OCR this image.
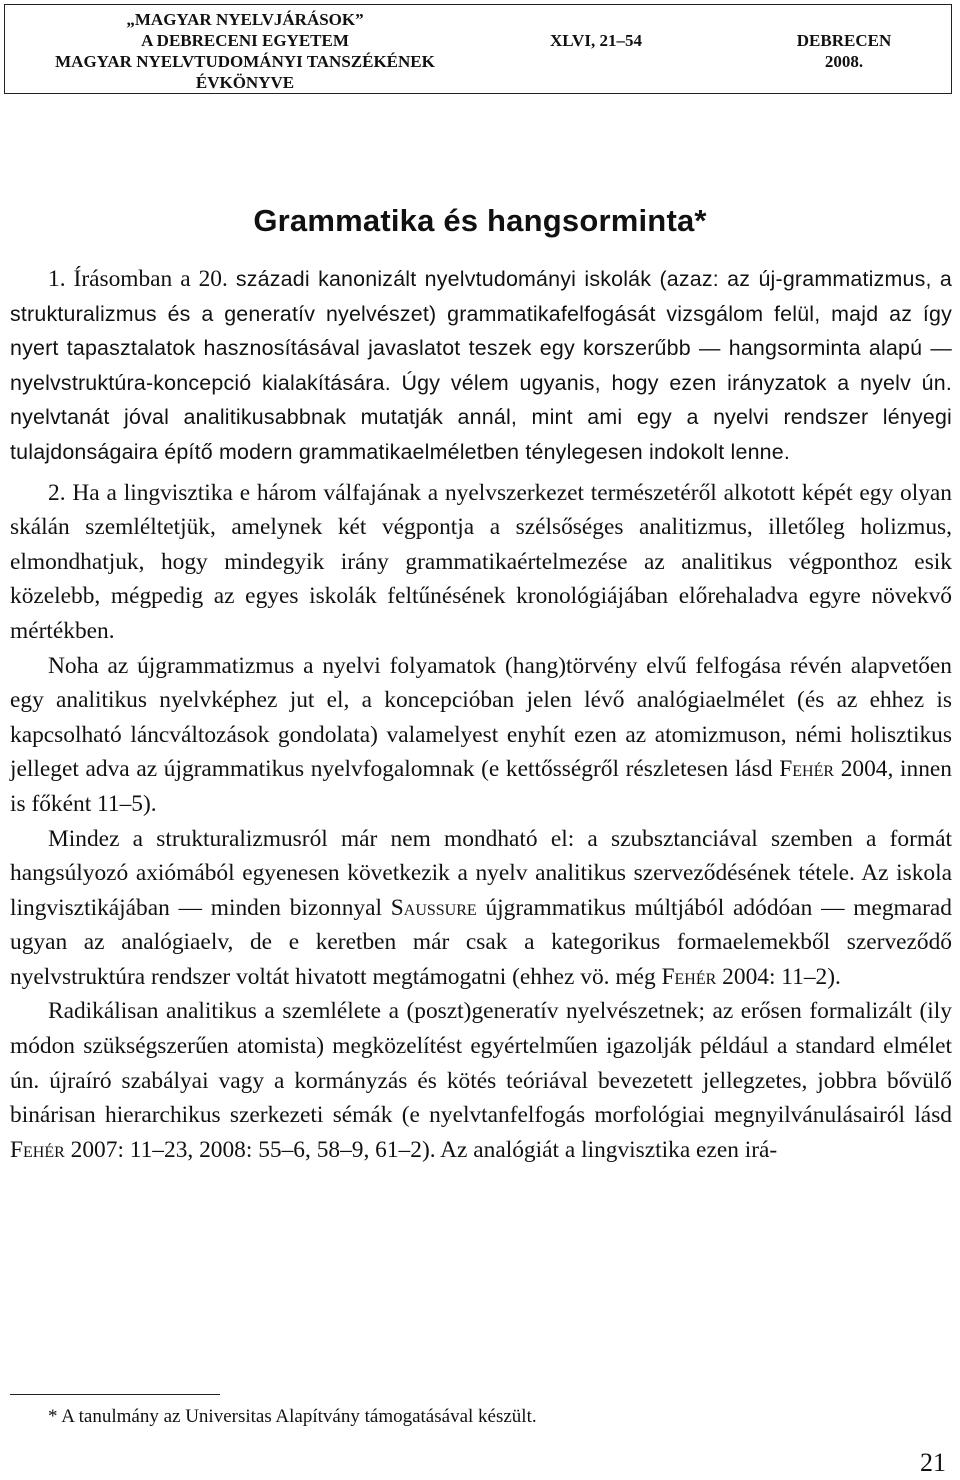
„MAGYAR NYELVJÁRÁSOK”
A DEBRECENI EGYETEM
MAGYAR NYELVTUDOMÁNYI TANSZÉKÉNEK
ÉVKÖNYVE
XLVI, 21–54	DEBRECEN
2008.
Grammatika és hangsorminta*

1. Írásomban a 20. századi kanonizált nyelvtudományi iskolák (azaz: az új-grammatizmus, a strukturalizmus és a generatív nyelvészet) grammatikafelfogását vizsgálom felül, majd az így nyert tapasztalatok hasznosításával javaslatot teszek egy korszerűbb — hangsorminta alapú — nyelvstruktúra-koncepció kialakítására. Úgy vélem ugyanis, hogy ezen irányzatok a nyelv ún. nyelvtanát jóval analitikusabbnak mutatják annál, mint ami egy a nyelvi rendszer lényegi tulajdonságaira építő modern grammatikaelméletben ténylegesen indokolt lenne.

2. Ha a lingvisztika e három válfajának a nyelvszerkezet természetéről alkotott képét egy olyan skálán szemléltetjük, amelynek két végpontja a szélsőséges analitizmus, illetőleg holizmus, elmondhatjuk, hogy mindegyik irány grammatikaértelmezése az analitikus végponthoz esik közelebb, mégpedig az egyes iskolák feltűnésének kronológiájában előrehaladva egyre növekvő mértékben.

Noha az újgrammatizmus a nyelvi folyamatok (hang)törvény elvű felfogása révén alapvetően egy analitikus nyelvképhez jut el, a koncepcióban jelen lévő analógiaelmélet (és az ehhez is kapcsolható láncváltozások gondolata) valamelyest enyhít ezen az atomizmuson, némi holisztikus jelleget adva az újgrammatikus nyelvfogalomnak (e kettősségről részletesen lásd Fehér 2004, innen is főként 11–5).

Mindez a strukturalizmusról már nem mondható el: a szubsztanciával szemben a formát hangsúlyozó axiómából egyenesen következik a nyelv analitikus szerveződésének tétele. Az iskola lingvisztikájában — minden bizonnyal Saussure újgrammatikus múltjából adódóan — megmarad ugyan az analógiaelv, de e keretben már csak a kategorikus formaelemekből szerveződő nyelvstruktúra rendszer voltát hivatott megtámogatni (ehhez vö. még Fehér 2004: 11–2).

Radikálisan analitikus a szemlélete a (poszt)generatív nyelvészetnek; az erősen formalizált (ily módon szükségszerűen atomista) megközelítést egyértelműen igazolják például a standard elmélet ún. újraíró szabályai vagy a kormányzás és kötés teóriával bevezetett jellegzetes, jobbra bővülő binárisan hierarchikus szerkezeti sémák (e nyelvtanfelfogás morfológiai megnyilvánulásairól lásd Fehér 2007: 11–23, 2008: 55–6, 58–9, 61–2). Az analógiát a lingvisztika ezen irá-

* A tanulmány az Universitas Alapítvány támogatásával készült.
21
